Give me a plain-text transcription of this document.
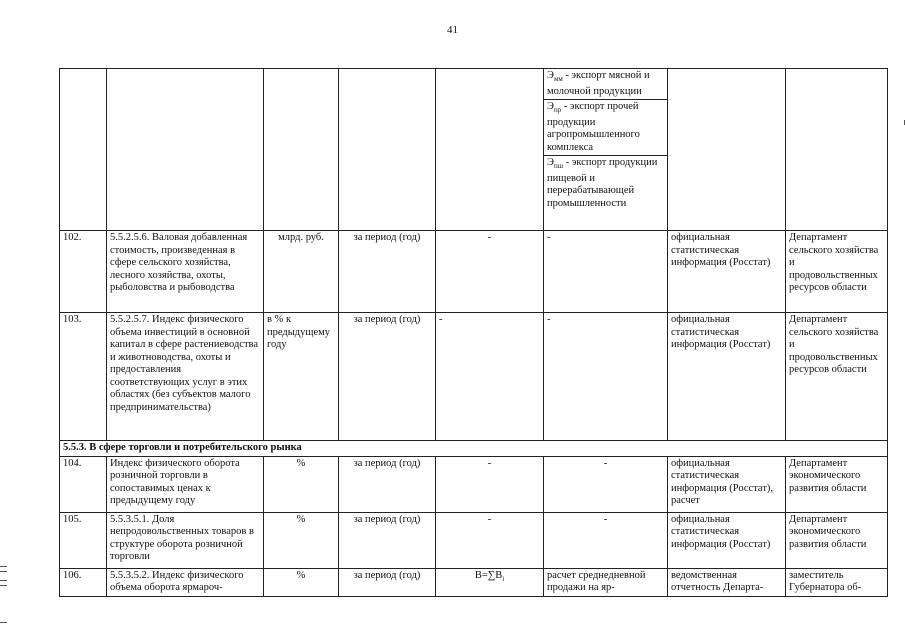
41

$Э_{мм}$ - экспорт мясной и молочной продукции
$Э_{пр}$ - экспорт прочей продукции агропромышленного комплекса
$Э_{пш}$ - экспорт продукции пищевой и перерабатывающей промышленности

102.	5.5.2.5.6. Валовая добавленная стоимость, произведенная в сфере сельского хозяйства, лесного хозяйства, охоты, рыболовства и рыбоводства	млрд. руб.	за период (год)	-	-	официальная статистическая информация (Росстат)	Департамент сельского хозяйства и продовольственных ресурсов области
103.	5.5.2.5.7. Индекс физического объема инвестиций в основной капитал в сфере растениеводства и животноводства, охоты и предоставления соответствующих услуг в этих областях (без субъектов малого предпринимательства)	в % к предыдущему году	за период (год)	-	-	официальная статистическая информация (Росстат)	Департамент сельского хозяйства и продовольственных ресурсов области
5.5.3. В сфере торговли и потребительского рынка
104.	Индекс физического оборота розничной торговли в сопоставимых ценах к предыдущему году	%	за период (год)	-	-	официальная статистическая информация (Росстат), расчет	Департамент экономического развития области
105.	5.5.3.5.1. Доля непродовольственных товаров в структуре оборота розничной торговли	%	за период (год)	-	-	официальная статистическая информация (Росстат)	Департамент экономического развития области
106.	5.5.3.5.2. Индекс физического объема оборота ярмароч-	%	за период (год)	$В=\sum В_i$	расчет среднедневной продажи на яр-	ведомственная отчетность Департа-	заместитель Губернатора об-
